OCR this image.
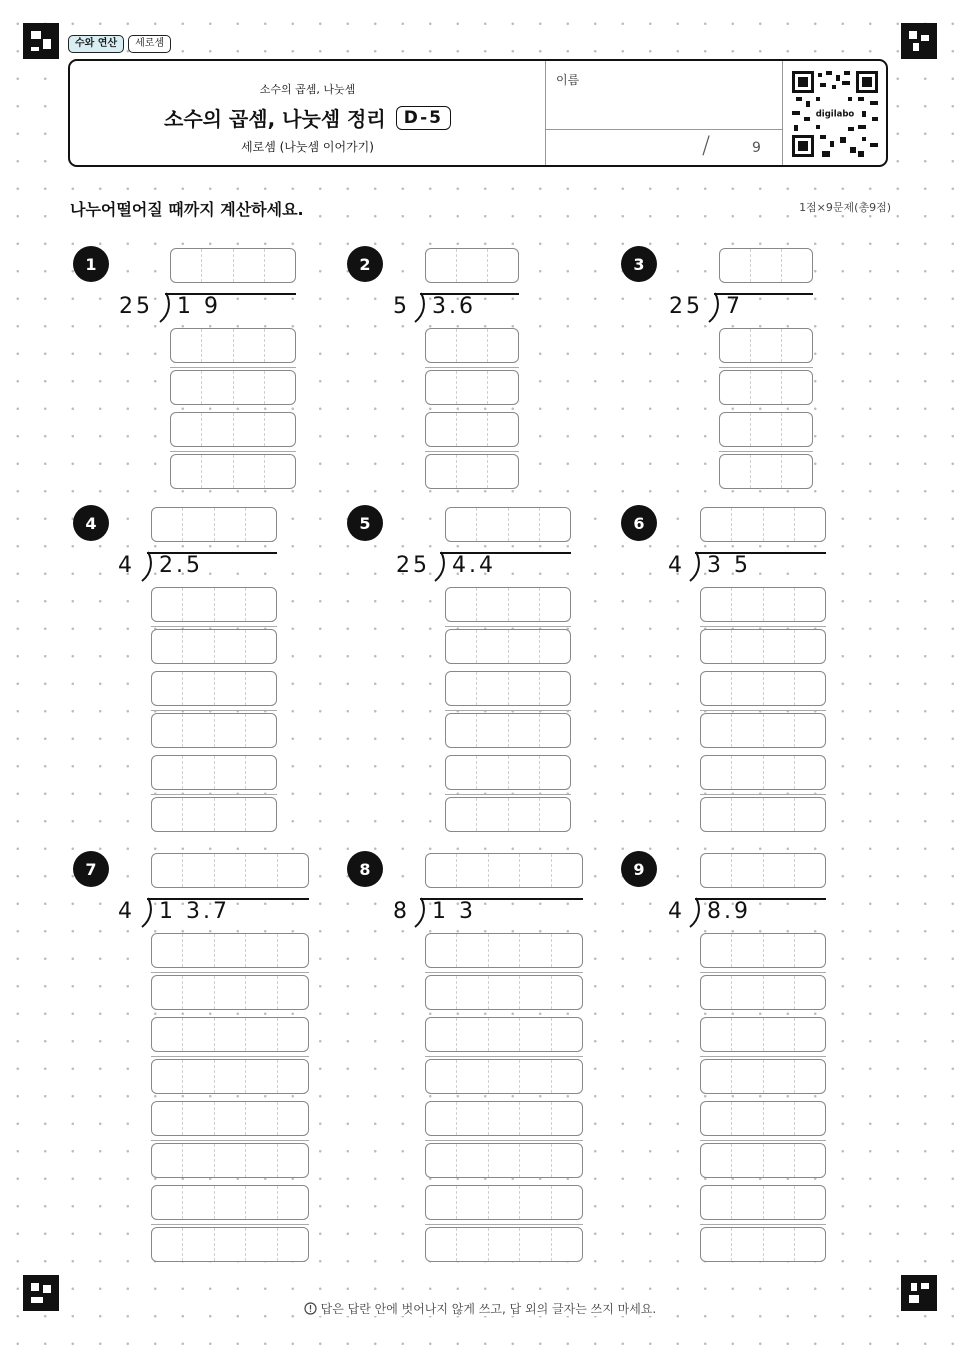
수와 연산	세로셈
소수의 곱셈, 나눗셈
소수의 곱셈, 나눗셈 정리	D-5
세로셈 (나눗셈 이어가기)
이름
/	9
digilabo
나누어떨어질 때까지 계산하세요.	1점×9문제(총9점)
1
25 1 9
2
5 3.6
3
25 7
4
4 2.5
5
25 4.4
6
4 3 5
7
4 1 3.7
8
8 1 3
9
4 8.9
답은 답란 안에 벗어나지 않게 쓰고, 답 외의 글자는 쓰지 마세요.
